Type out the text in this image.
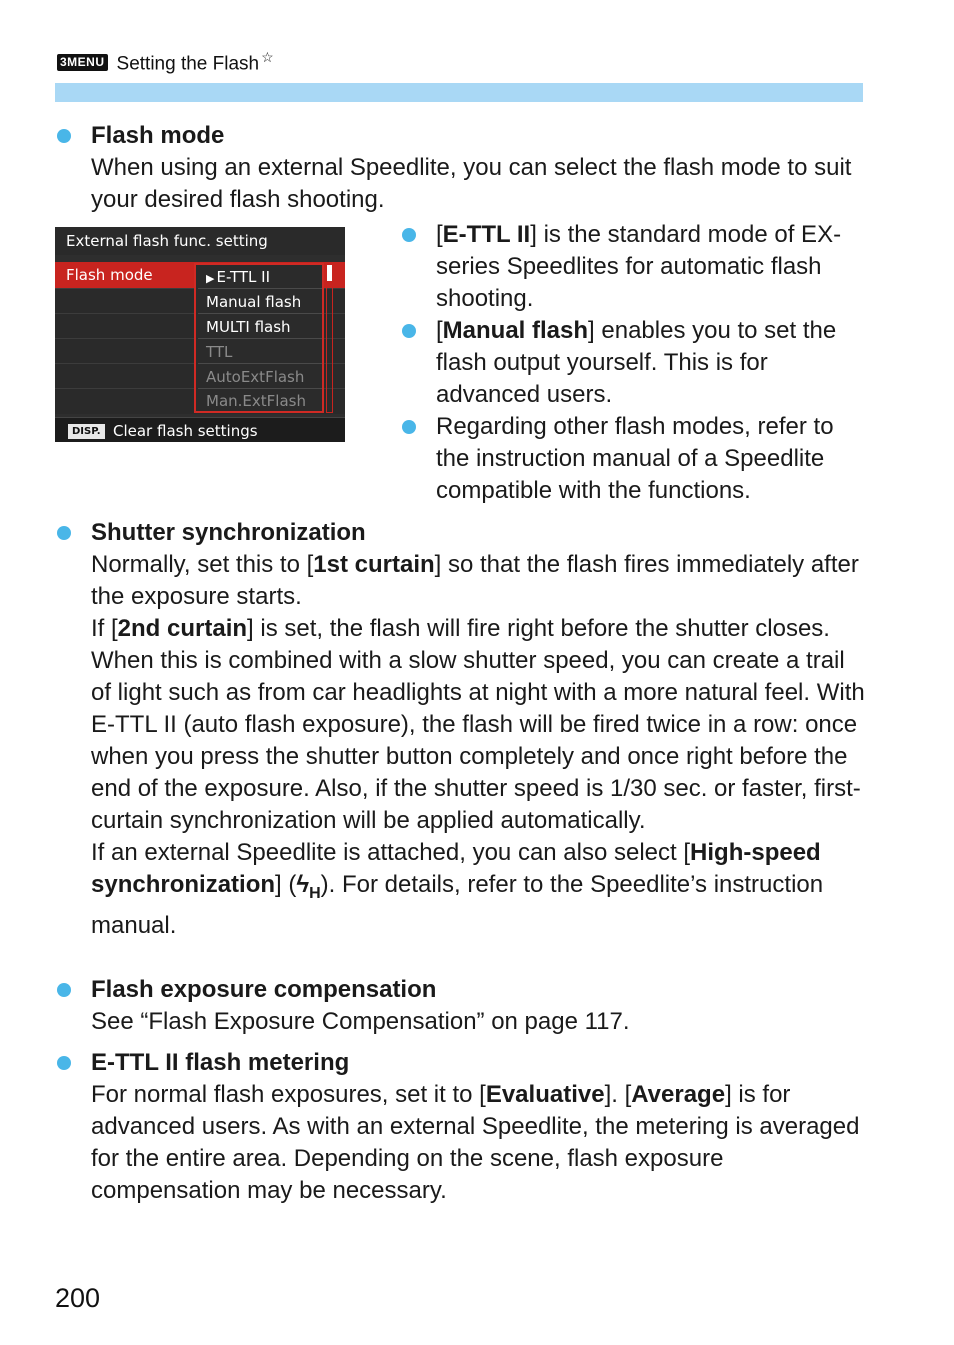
3MENU Setting the Flash ☆
Flash mode
When using an external Speedlite, you can select the flash mode to suit your desired flash shooting.
External flash func. setting
Flash mode	▶ E-TTL II
Manual flash
MULTI flash
TTL
AutoExtFlash
Man.ExtFlash
DISP. Clear flash settings
[E-TTL II] is the standard mode of EX-series Speedlites for automatic flash shooting.
[Manual flash] enables you to set the flash output yourself. This is for advanced users.
Regarding other flash modes, refer to the instruction manual of a Speedlite compatible with the functions.
Shutter synchronization
Normally, set this to [1st curtain] so that the flash fires immediately after the exposure starts.
If [2nd curtain] is set, the flash will fire right before the shutter closes. When this is combined with a slow shutter speed, you can create a trail of light such as from car headlights at night with a more natural feel. With E-TTL II (auto flash exposure), the flash will be fired twice in a row: once when you press the shutter button completely and once right before the end of the exposure. Also, if the shutter speed is 1/30 sec. or faster, first-curtain synchronization will be applied automatically.
If an external Speedlite is attached, you can also select [High-speed synchronization] $(ϟ_H)$. For details, refer to the Speedlite’s instruction manual.
Flash exposure compensation
See “Flash Exposure Compensation” on page 117.
E-TTL II flash metering
For normal flash exposures, set it to [Evaluative]. [Average] is for advanced users. As with an external Speedlite, the metering is averaged for the entire area. Depending on the scene, flash exposure compensation may be necessary.
200
